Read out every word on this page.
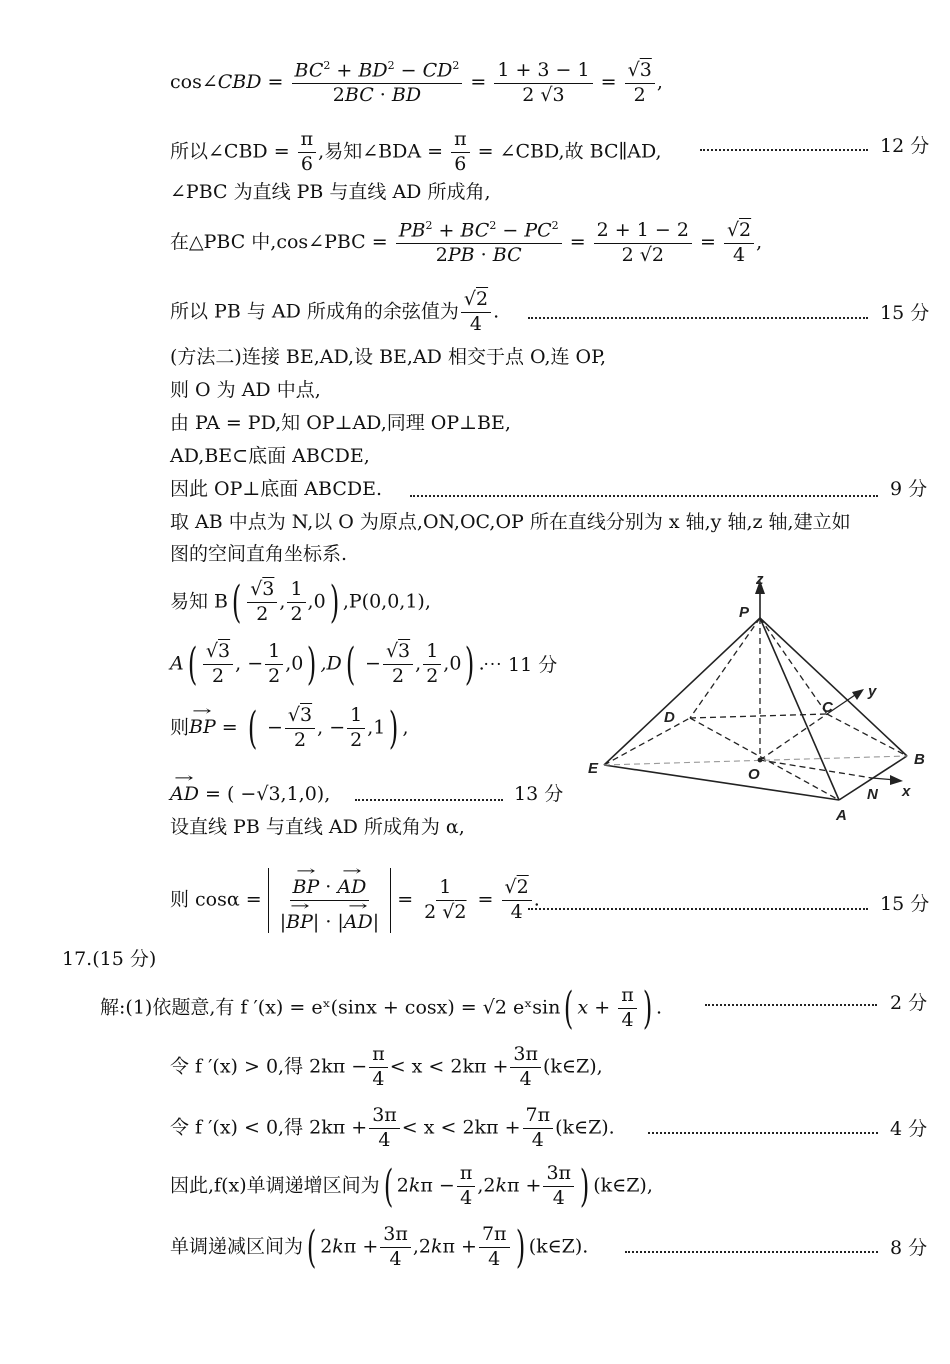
cos∠CBD = $\frac{BC^2 + BD^2 - CD^2}{2BC \cdot BD} = \frac{1 + 3 - 1}{2 √3} = \frac{√3}{2}$ ,
所以∠CBD = $\frac{\pi}{6}$ ,易知∠BDA = $\frac{\pi}{6}$ = ∠CBD,故 BC∥AD,	12 分
∠PBC 为直线 PB 与直线 AD 所成角,
在△PBC 中,cos∠PBC = $\frac{PB^2 + BC^2 - PC^2}{2PB \cdot BC} = \frac{2 + 1 - 2}{2 √2} = \frac{√2}{4}$ ,
所以 PB 与 AD 所成角的余弦值为 $\frac{√2}{4}$ .	15 分
(方法二)连接 BE,AD,设 BE,AD 相交于点 O,连 OP,
则 O 为 AD 中点,
由 PA = PD,知 OP⊥AD,同理 OP⊥BE,
AD,BE⊂底面 ABCDE,
因此 OP⊥底面 ABCDE.	9 分
取 AB 中点为 N,以 O 为原点,ON,OC,OP 所在直线分别为 x 轴,y 轴,z 轴,建立如
图的空间直角坐标系.
易知 $B( \frac{√3}{2}$ , $\frac{1}{2} ,0$) ,P(0,0,1),
$A( \frac{√3}{2}$ , − $\frac{1}{2} ,0$) $,D( - \frac{√3}{2}$ , $\frac{1}{2} ,0$) .
⋯ 11 分
则→ BP = ( − $\frac{√3}{2}$ , − $\frac{1}{2} ,1$) ,
→ AD = ( −√3,1,0),	13 分
设直线 PB 与直线 AD 所成角为 α,
则 cosα = → $\frac{BP \cdot \to AD}{|\to BP| \cdot |\to AD|} = \frac{1}{2 √2} = \frac{√2}{4}$ .	15 分
17.(15 分)
解:(1)依题意,有 f ′(x) = eˣ(sinx + cosx) = √2 eˣsin( $x + \frac{\pi}{4}$ ) .	2 分
令 f ′(x) > 0,得 $2k\pi - \frac{\pi}{4} < x < 2k\pi + \frac{3\pi}{4}$ (k∈Z),
令 f ′(x) < 0,得 $2k\pi + \frac{3\pi}{4} < x < 2k\pi + \frac{7\pi}{4}$ (k∈Z).	4 分
因此,f(x)单调递增区间为( $2k\pi - \frac{\pi}{4} ,2k\pi + \frac{3\pi}{4}$ ) (k∈Z),
单调递减区间为( $2k\pi + \frac{3\pi}{4} ,2k\pi + \frac{7\pi}{4}$ ) (k∈Z).	8 分
z
P
y
D
C
E	O
B
N x
A
